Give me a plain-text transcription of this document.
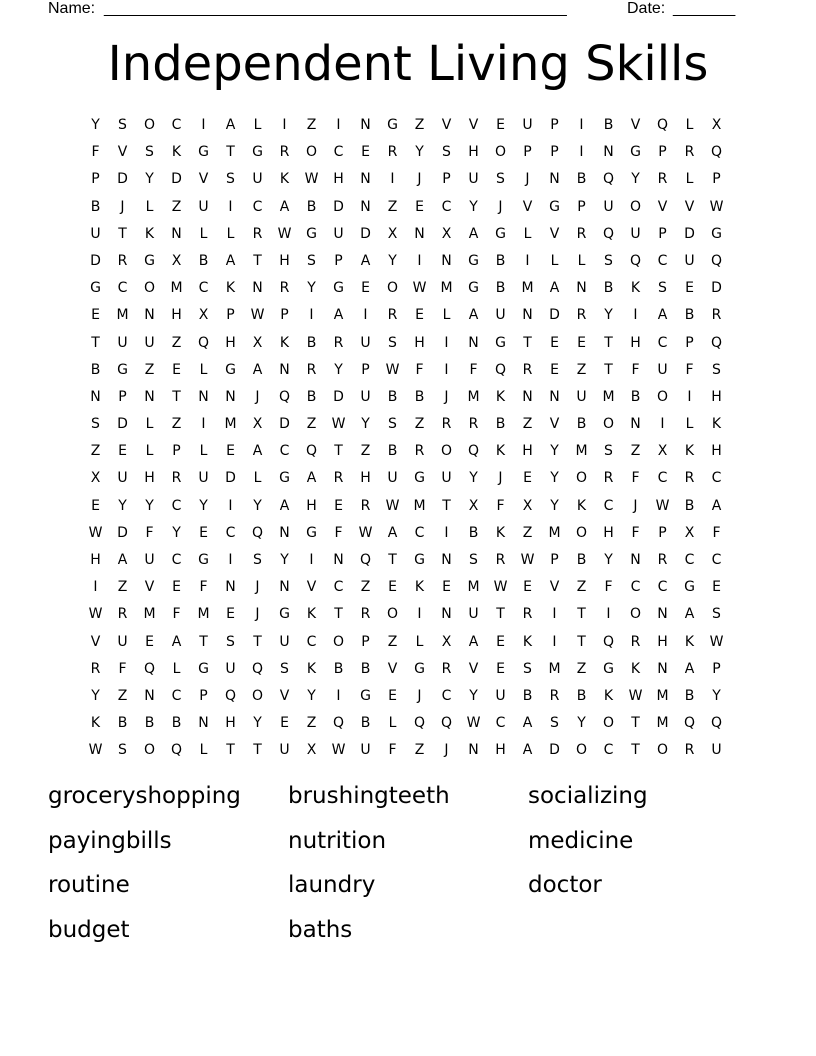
Name: ____________________________________________________	Date: _______
Independent Living Skills
Y	S	O	C	I	A	L	I	Z	I	N	G	Z	V	V	E	U	P	I	B	V	Q	L	X
F	V	S	K	G	T	G	R	O	C	E	R	Y	S	H	O	P	P	I	N	G	P	R	Q
P	D	Y	D	V	S	U	K	W	H	N	I	J	P	U	S	J	N	B	Q	Y	R	L	P
B	J	L	Z	U	I	C	A	B	D	N	Z	E	C	Y	J	V	G	P	U	O	V	V	W
U	T	K	N	L	L	R	W	G	U	D	X	N	X	A	G	L	V	R	Q	U	P	D	G
D	R	G	X	B	A	T	H	S	P	A	Y	I	N	G	B	I	L	L	S	Q	C	U	Q
G	C	O	M	C	K	N	R	Y	G	E	O	W	M	G	B	M	A	N	B	K	S	E	D
E	M	N	H	X	P	W	P	I	A	I	R	E	L	A	U	N	D	R	Y	I	A	B	R
T	U	U	Z	Q	H	X	K	B	R	U	S	H	I	N	G	T	E	E	T	H	C	P	Q
B	G	Z	E	L	G	A	N	R	Y	P	W	F	I	F	Q	R	E	Z	T	F	U	F	S
N	P	N	T	N	N	J	Q	B	D	U	B	B	J	M	K	N	N	U	M	B	O	I	H
S	D	L	Z	I	M	X	D	Z	W	Y	S	Z	R	R	B	Z	V	B	O	N	I	L	K
Z	E	L	P	L	E	A	C	Q	T	Z	B	R	O	Q	K	H	Y	M	S	Z	X	K	H
X	U	H	R	U	D	L	G	A	R	H	U	G	U	Y	J	E	Y	O	R	F	C	R	C
E	Y	Y	C	Y	I	Y	A	H	E	R	W	M	T	X	F	X	Y	K	C	J	W	B	A
W	D	F	Y	E	C	Q	N	G	F	W	A	C	I	B	K	Z	M	O	H	F	P	X	F
H	A	U	C	G	I	S	Y	I	N	Q	T	G	N	S	R	W	P	B	Y	N	R	C	C
I	Z	V	E	F	N	J	N	V	C	Z	E	K	E	M	W	E	V	Z	F	C	C	G	E
W	R	M	F	M	E	J	G	K	T	R	O	I	N	U	T	R	I	T	I	O	N	A	S
V	U	E	A	T	S	T	U	C	O	P	Z	L	X	A	E	K	I	T	Q	R	H	K	W
R	F	Q	L	G	U	Q	S	K	B	B	V	G	R	V	E	S	M	Z	G	K	N	A	P
Y	Z	N	C	P	Q	O	V	Y	I	G	E	J	C	Y	U	B	R	B	K	W	M	B	Y
K	B	B	B	N	H	Y	E	Z	Q	B	L	Q	Q	W	C	A	S	Y	O	T	M	Q	Q
W	S	O	Q	L	T	T	U	X	W	U	F	Z	J	N	H	A	D	O	C	T	O	R	U
groceryshopping	brushingteeth	socializing
payingbills	nutrition	medicine
routine	laundry	doctor
budget	baths
